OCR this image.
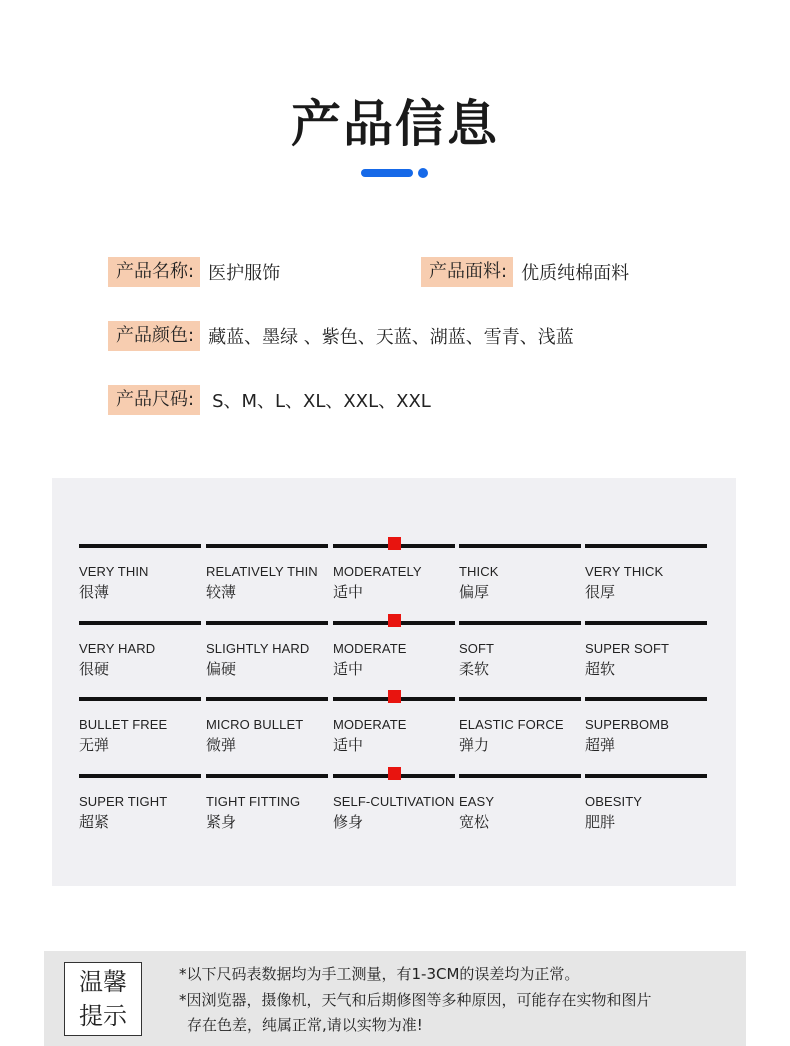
产品信息
产品名称: 医护服饰	产品面料: 优质纯棉面料
产品颜色: 藏蓝、墨绿 、紫色、天蓝、湖蓝、雪青、浅蓝
产品尺码:	S、M、L、XL、XXL、XXL
VERY THIN
很薄
RELATIVELY THIN
较薄
MODERATELY
适中
THICK
偏厚
VERY THICK
很厚
VERY HARD
很硬
SLIGHTLY HARD
偏硬
MODERATE
适中
SOFT
柔软
SUPER SOFT
超软
BULLET FREE
无弹
MICRO BULLET
微弹
MODERATE
适中
ELASTIC FORCE
弹力
SUPERBOMB
超弹
SUPER TIGHT
超紧
TIGHT FITTING
紧身
SELF-CULTIVATION
修身
EASY
宽松
OBESITY
肥胖
温馨
提示
*以下尺码表数据均为手工测量，有1-3CM的误差均为正常。
*因浏览器，摄像机，天气和后期修图等多种原因，可能存在实物和图片
存在色差，纯属正常,请以实物为准!
